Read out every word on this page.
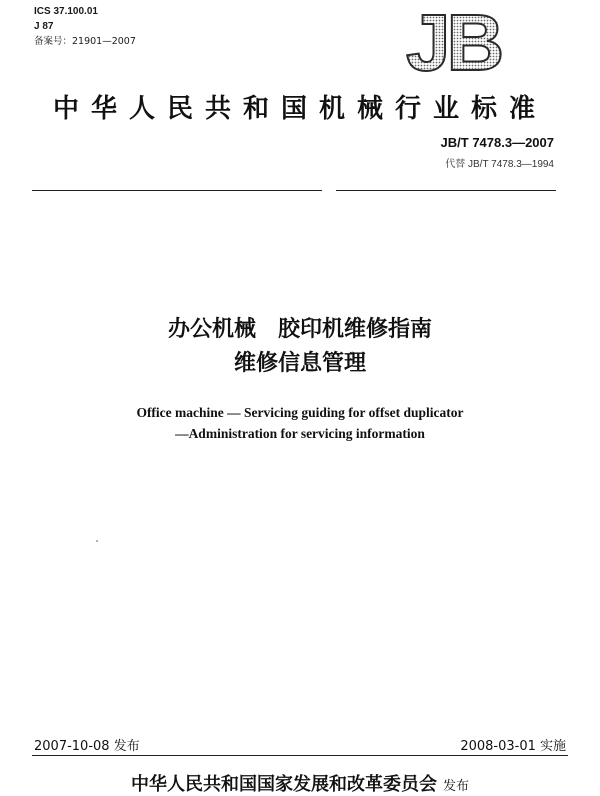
ICS 37.100.01
J 87
备案号：21901—2007	JB
中华人民共和国机械行业标准
JB/T 7478.3—2007
代替 JB/T 7478.3—1994
办公机械　胶印机维修指南
维修信息管理
Office machine — Servicing guiding for offset duplicator
—Administration for servicing information
2007-10-08 发布	2008-03-01 实施
中华人民共和国国家发展和改革委员会 发布
